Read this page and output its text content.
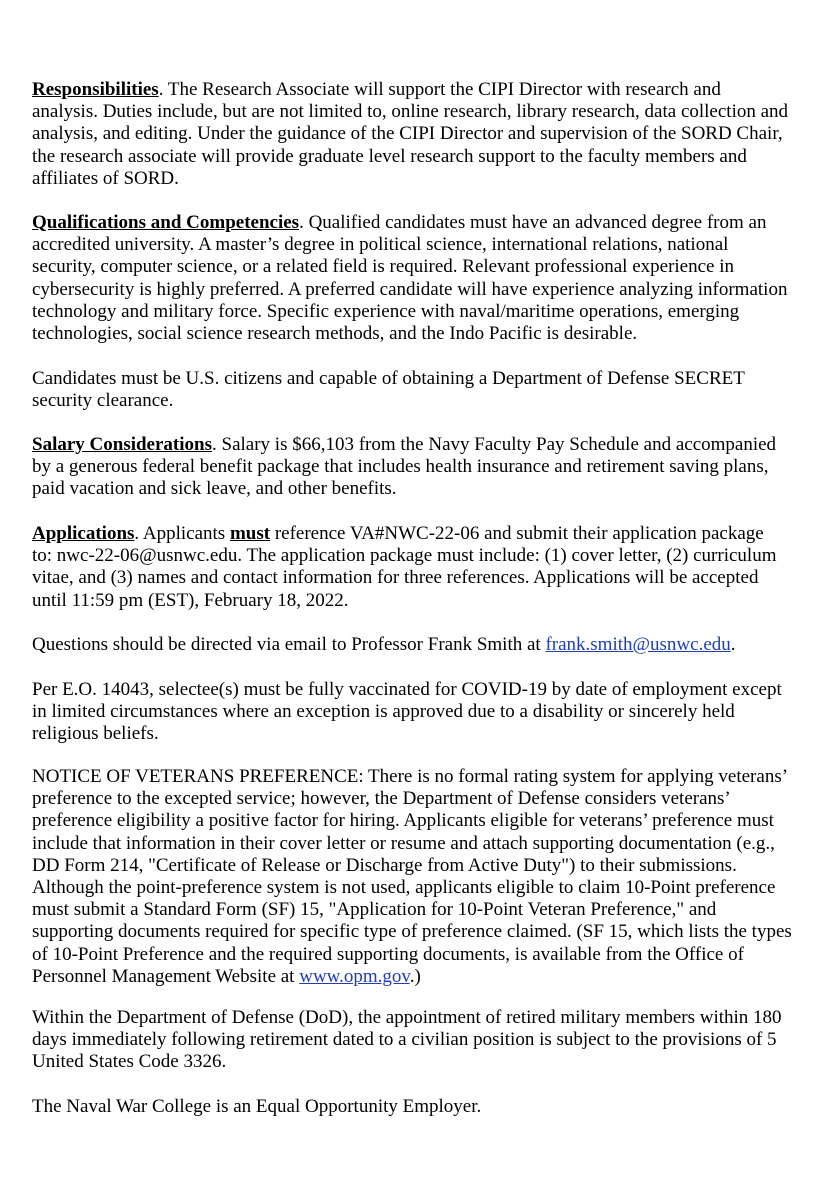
Responsibilities. The Research Associate will support the CIPI Director with research and
analysis. Duties include, but are not limited to, online research, library research, data collection and
analysis, and editing. Under the guidance of the CIPI Director and supervision of the SORD Chair,
the research associate will provide graduate level research support to the faculty members and
affiliates of SORD.
Qualifications and Competencies. Qualified candidates must have an advanced degree from an
accredited university. A master’s degree in political science, international relations, national
security, computer science, or a related field is required. Relevant professional experience in
cybersecurity is highly preferred. A preferred candidate will have experience analyzing information
technology and military force. Specific experience with naval/maritime operations, emerging
technologies, social science research methods, and the Indo Pacific is desirable.
Candidates must be U.S. citizens and capable of obtaining a Department of Defense SECRET
security clearance.
Salary Considerations. Salary is $66,103 from the Navy Faculty Pay Schedule and accompanied
by a generous federal benefit package that includes health insurance and retirement saving plans,
paid vacation and sick leave, and other benefits.
Applications. Applicants must reference VA#NWC-22-06 and submit their application package
to: nwc-22-06@usnwc.edu. The application package must include: (1) cover letter, (2) curriculum
vitae, and (3) names and contact information for three references. Applications will be accepted
until 11:59 pm (EST), February 18, 2022.
Questions should be directed via email to Professor Frank Smith at frank.smith@usnwc.edu.
Per E.O. 14043, selectee(s) must be fully vaccinated for COVID-19 by date of employment except
in limited circumstances where an exception is approved due to a disability or sincerely held
religious beliefs.
NOTICE OF VETERANS PREFERENCE: There is no formal rating system for applying veterans’
preference to the excepted service; however, the Department of Defense considers veterans’
preference eligibility a positive factor for hiring. Applicants eligible for veterans’ preference must
include that information in their cover letter or resume and attach supporting documentation (e.g.,
DD Form 214, "Certificate of Release or Discharge from Active Duty") to their submissions.
Although the point-preference system is not used, applicants eligible to claim 10-Point preference
must submit a Standard Form (SF) 15, "Application for 10-Point Veteran Preference," and
supporting documents required for specific type of preference claimed. (SF 15, which lists the types
of 10-Point Preference and the required supporting documents, is available from the Office of
Personnel Management Website at www.opm.gov.)
Within the Department of Defense (DoD), the appointment of retired military members within 180
days immediately following retirement dated to a civilian position is subject to the provisions of 5
United States Code 3326.
The Naval War College is an Equal Opportunity Employer.
